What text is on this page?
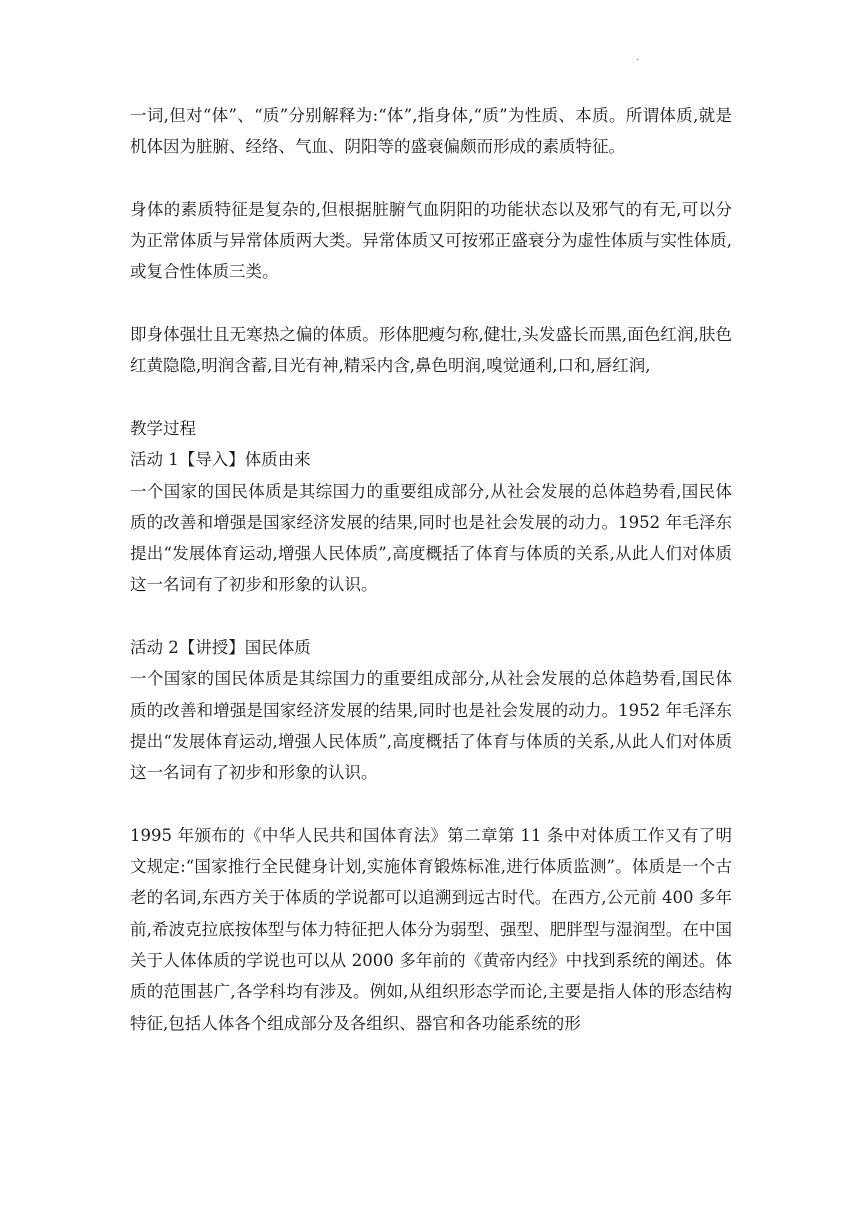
·

一词,但对“体”、“质”分别解释为:“体”,指身体,“质”为性质、本质。所谓体质,就是机体因为脏腑、经络、气血、阴阳等的盛衰偏颇而形成的素质特征。

身体的素质特征是复杂的,但根据脏腑气血阴阳的功能状态以及邪气的有无,可以分为正常体质与异常体质两大类。异常体质又可按邪正盛衰分为虚性体质与实性体质,或复合性体质三类。

即身体强壮且无寒热之偏的体质。形体肥瘦匀称,健壮,头发盛长而黑,面色红润,肤色红黄隐隐,明润含蓄,目光有神,精采内含,鼻色明润,嗅觉通利,口和,唇红润,

教学过程

活动 1【导入】体质由来

一个国家的国民体质是其综国力的重要组成部分,从社会发展的总体趋势看,国民体质的改善和增强是国家经济发展的结果,同时也是社会发展的动力。1952 年毛泽东提出“发展体育运动,增强人民体质”,高度概括了体育与体质的关系,从此人们对体质这一名词有了初步和形象的认识。

活动 2【讲授】国民体质

一个国家的国民体质是其综国力的重要组成部分,从社会发展的总体趋势看,国民体质的改善和增强是国家经济发展的结果,同时也是社会发展的动力。1952 年毛泽东提出“发展体育运动,增强人民体质”,高度概括了体育与体质的关系,从此人们对体质这一名词有了初步和形象的认识。

1995 年颁布的《中华人民共和国体育法》第二章第 11 条中对体质工作又有了明文规定:“国家推行全民健身计划,实施体育锻炼标准,进行体质监测”。体质是一个古老的名词,东西方关于体质的学说都可以追溯到远古时代。在西方,公元前 400 多年前,希波克拉底按体型与体力特征把人体分为弱型、强型、肥胖型与湿润型。在中国关于人体体质的学说也可以从 2000 多年前的《黄帝内经》中找到系统的阐述。体质的范围甚广,各学科均有涉及。例如,从组织形态学而论,主要是指人体的形态结构特征,包括人体各个组成部分及各组织、器官和各功能系统的形
